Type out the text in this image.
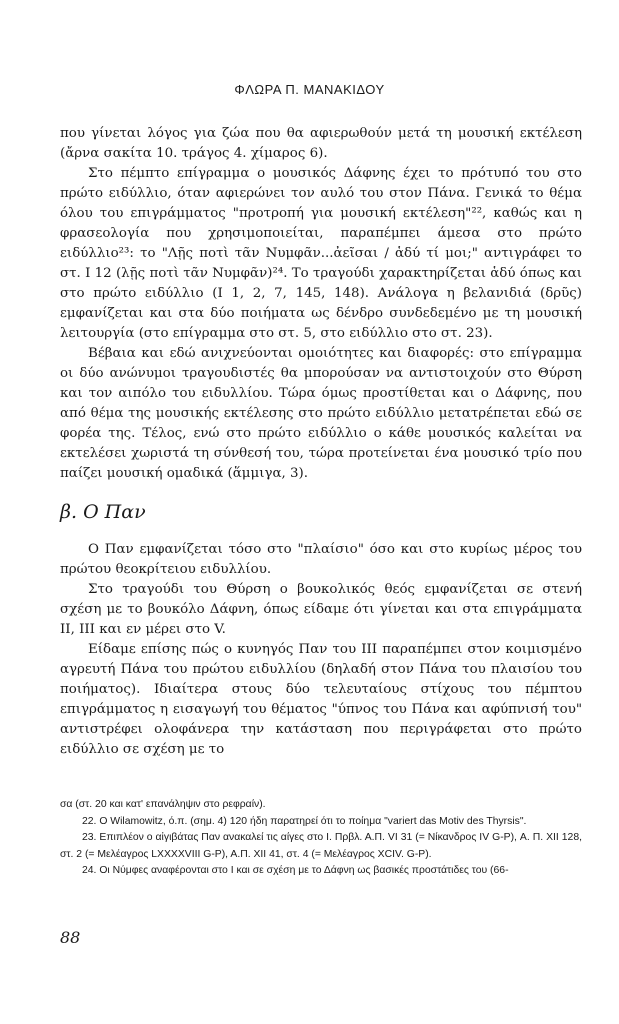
ΦΛΩΡΑ Π. ΜΑΝΑΚΙΔΟΥ

που γίνεται λόγος για ζώα που θα αφιερωθούν μετά τη μουσική εκτέλεση (ἄρνα σακίτα 10. τράγος 4. χίμαρος 6).

Στο πέμπτο επίγραμμα ο μουσικός Δάφνης έχει το πρότυπό του στο πρώτο ειδύλλιο, όταν αφιερώνει τον αυλό του στον Πάνα. Γενικά το θέμα όλου του επιγράμματος "προτροπή για μουσική εκτέλεση"²², καθώς και η φρασεολογία που χρησιμοποιείται, παραπέμπει άμεσα στο πρώτο ειδύλλιο²³: το "Λῇς ποτὶ τᾶν Νυμφᾶν...ἀεῖσαι / ἁδύ τί μοι;" αντιγράφει το στ. Ι 12 (λῇς ποτὶ τᾶν Νυμφᾶν)²⁴. Το τραγούδι χαρακτηρίζεται ἁδύ όπως και στο πρώτο ειδύλλιο (Ι 1, 2, 7, 145, 148). Ανάλογα η βελανιδιά (δρῦς) εμφανίζεται και στα δύο ποιήματα ως δένδρο συνδεδεμένο με τη μουσική λειτουργία (στο επίγραμμα στο στ. 5, στο ειδύλλιο στο στ. 23).

Βέβαια και εδώ ανιχνεύονται ομοιότητες και διαφορές: στο επίγραμμα οι δύο ανώνυμοι τραγουδιστές θα μπορούσαν να αντιστοιχούν στο Θύρση και τον αιπόλο του ειδυλλίου. Τώρα όμως προστίθεται και ο Δάφνης, που από θέμα της μουσικής εκτέλεσης στο πρώτο ειδύλλιο μετατρέπεται εδώ σε φορέα της. Τέλος, ενώ στο πρώτο ειδύλλιο ο κάθε μουσικός καλείται να εκτελέσει χωριστά τη σύνθεσή του, τώρα προτείνεται ένα μουσικό τρίο που παίζει μουσική ομαδικά (ἅμμιγα, 3).

β. Ο Παν

Ο Παν εμφανίζεται τόσο στο "πλαίσιο" όσο και στο κυρίως μέρος του πρώτου θεοκρίτειου ειδυλλίου.

Στο τραγούδι του Θύρση ο βουκολικός θεός εμφανίζεται σε στενή σχέση με το βουκόλο Δάφνη, όπως είδαμε ότι γίνεται και στα επιγράμματα ΙΙ, ΙΙΙ και εν μέρει στο V.

Είδαμε επίσης πώς ο κυνηγός Παν του ΙΙΙ παραπέμπει στον κοιμισμένο αγρευτή Πάνα του πρώτου ειδυλλίου (δηλαδή στον Πάνα του πλαισίου του ποιήματος). Ιδιαίτερα στους δύο τελευταίους στίχους του πέμπτου επιγράμματος η εισαγωγή του θέματος "ύπνος του Πάνα και αφύπνισή του" αντιστρέφει ολοφάνερα την κατάσταση που περιγράφεται στο πρώτο ειδύλλιο σε σχέση με το

σα (στ. 20 και κατ' επανάληψιν στο ρεφραίν).

22. Ο Wilamowitz, ό.π. (σημ. 4) 120 ήδη παρατηρεί ότι το ποίημα "variert das Motiv des Thyrsis".

23. Επιπλέον ο αἰγιβάτας Παν ανακαλεί τις αίγες στο Ι. Πρβλ. Α.Π. VI 31 (= Νίκανδρος IV G-P), Α. Π. ΧΙΙ 128, στ. 2 (= Μελέαγρος LXXXXVIII G-P), Α.Π. ΧΙΙ 41, στ. 4 (= Μελέαγρος XCIV. G-P).

24. Οι Νύμφες αναφέρονται στο Ι και σε σχέση με το Δάφνη ως βασικές προστάτιδες του (66-

88
